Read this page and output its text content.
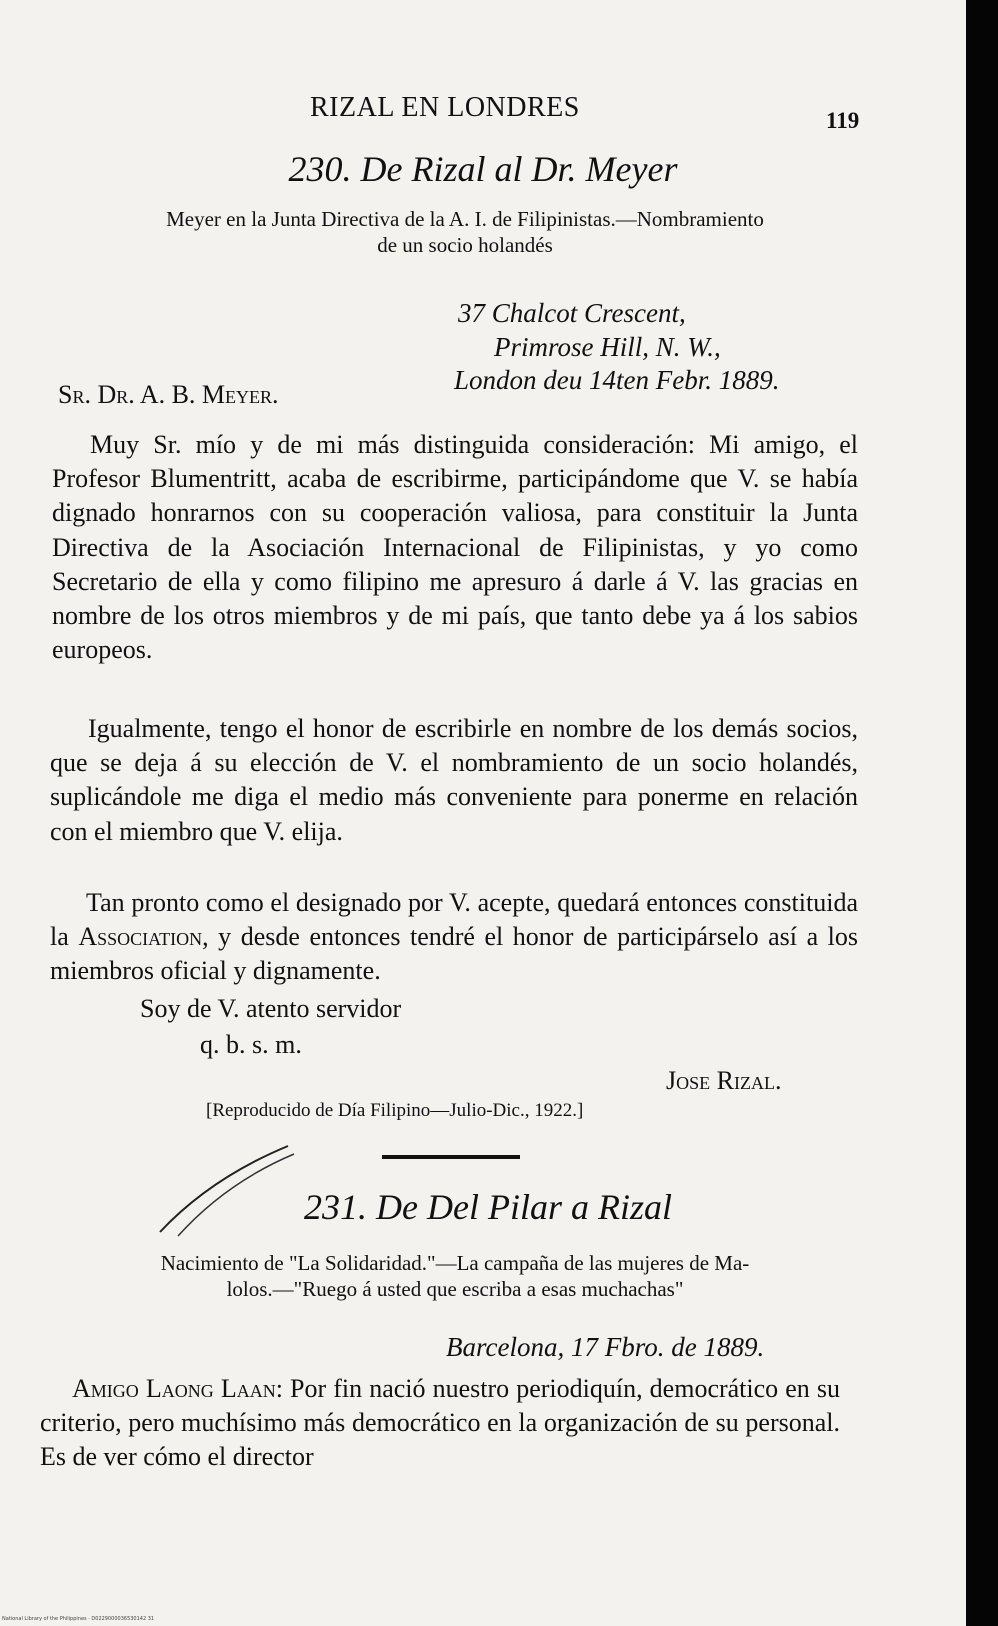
RIZAL EN LONDRES	119
230. De Rizal al Dr. Meyer
Meyer en la Junta Directiva de la A. I. de Filipinistas.—Nombramiento
de un socio holandés
37 Chalcot Crescent,
Primrose Hill, N. W.,
London deu 14ten Febr. 1889.
Sr. Dr. A. B. Meyer.

Muy Sr. mío y de mi más distinguida consideración: Mi amigo, el Profesor Blumentritt, acaba de escribirme, participándome que V. se había dignado honrarnos con su cooperación valiosa, para constituir la Junta Directiva de la Asociación Internacional de Filipinistas, y yo como Secretario de ella y como filipino me apresuro á darle á V. las gracias en nombre de los otros miembros y de mi país, que tanto debe ya á los sabios europeos.

Igualmente, tengo el honor de escribirle en nombre de los demás socios, que se deja á su elección de V. el nombramiento de un socio holandés, suplicándole me diga el medio más conveniente para ponerme en relación con el miembro que V. elija.

Tan pronto como el designado por V. acepte, quedará entonces constituida la Association, y desde entonces tendré el honor de participárselo así a los miembros oficial y dignamente.

Soy de V. atento servidor
q. b. s. m.
Jose Rizal.
[Reproducido de Día Filipino—Julio-Dic., 1922.]
231. De Del Pilar a Rizal
Nacimiento de "La Solidaridad."—La campaña de las mujeres de Ma-
lolos.—"Ruego á usted que escriba a esas muchachas"
Barcelona, 17 Fbro. de 1889.

Amigo Laong Laan: Por fin nació nuestro periodiquín, democrático en su criterio, pero muchísimo más democrático en la organización de su personal. Es de ver cómo el director

National Library of the Philippines · D0229000036530142 31
